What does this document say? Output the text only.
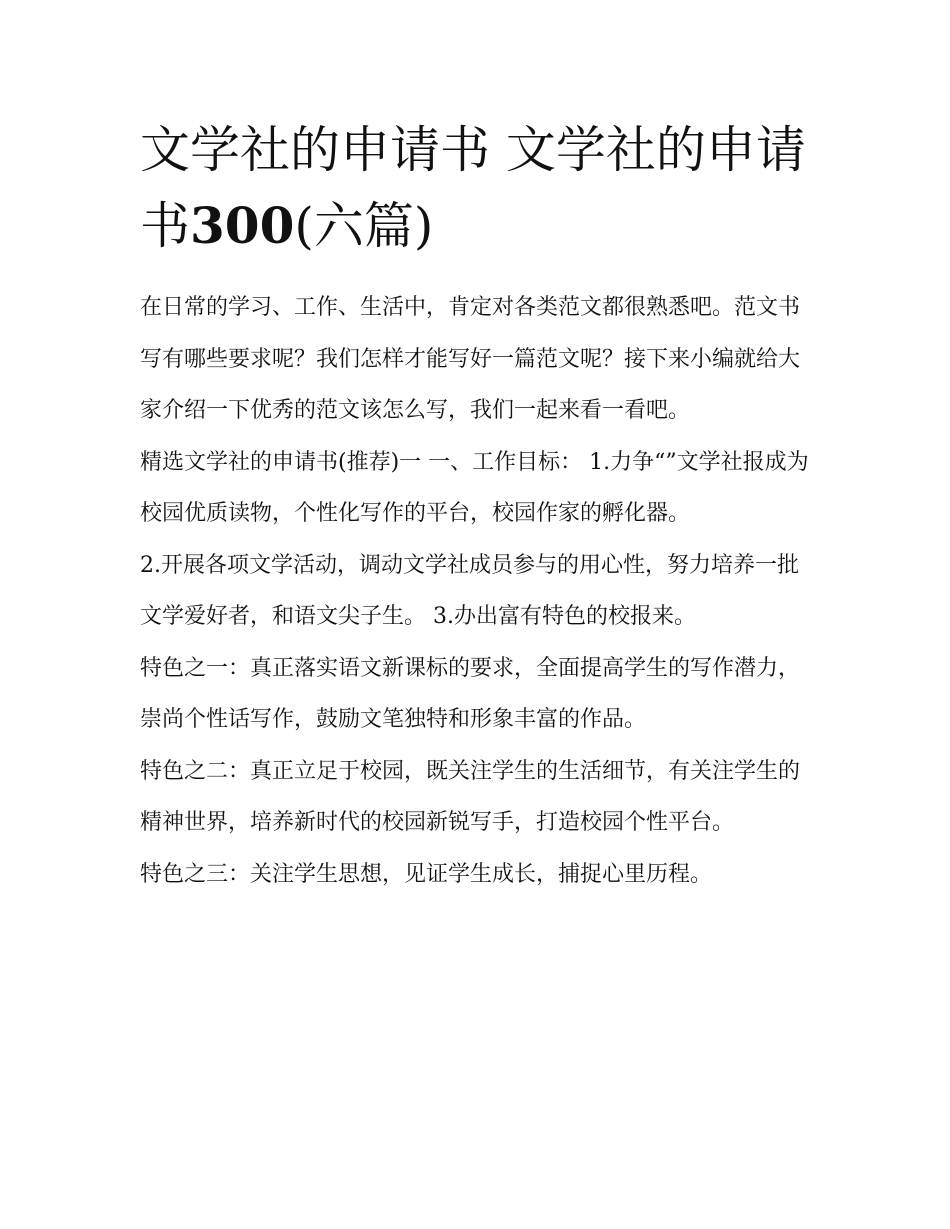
文学社的申请书 文学社的申请书300(六篇)

在日常的学习、工作、生活中，肯定对各类范文都很熟悉吧。范文书写有哪些要求呢？我们怎样才能写好一篇范文呢？接下来小编就给大家介绍一下优秀的范文该怎么写，我们一起来看一看吧。

精选文学社的申请书(推荐)一 一、工作目标： 1.力争“”文学社报成为校园优质读物，个性化写作的平台，校园作家的孵化器。

2.开展各项文学活动，调动文学社成员参与的用心性，努力培养一批文学爱好者，和语文尖子生。 3.办出富有特色的校报来。

特色之一：真正落实语文新课标的要求，全面提高学生的写作潜力，崇尚个性话写作，鼓励文笔独特和形象丰富的作品。

特色之二：真正立足于校园，既关注学生的生活细节，有关注学生的精神世界，培养新时代的校园新锐写手，打造校园个性平台。

特色之三：关注学生思想，见证学生成长，捕捉心里历程。
